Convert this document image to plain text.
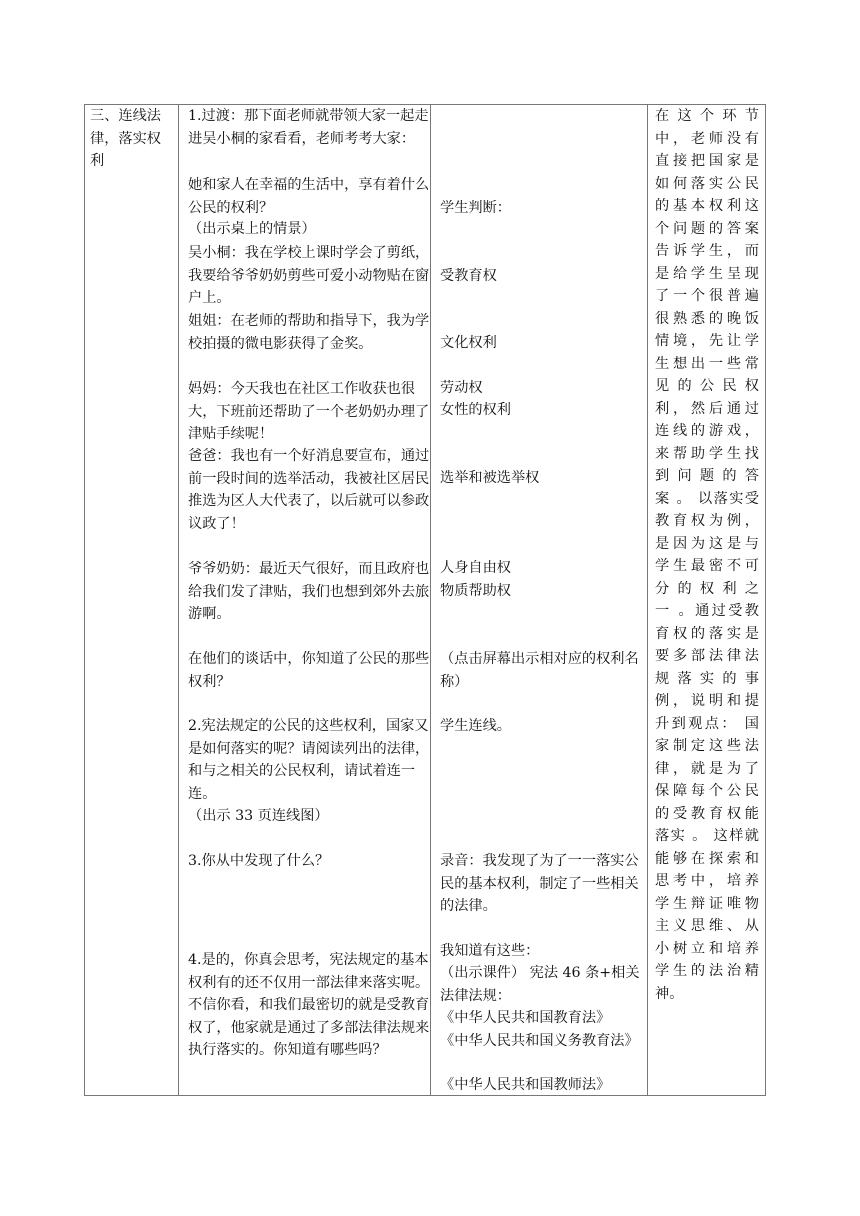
三、连线法律，落实权利
1.过渡：那下面老师就带领大家一起走进吴小桐的家看看，老师考考大家：
她和家人在幸福的生活中，享有着什么公民的权利？
（出示桌上的情景）
吴小桐：我在学校上课时学会了剪纸，我要给爷爷奶奶剪些可爱小动物贴在窗户上。
姐姐：在老师的帮助和指导下，我为学校拍摄的微电影获得了金奖。
妈妈：今天我也在社区工作收获也很大，下班前还帮助了一个老奶奶办理了津贴手续呢！
爸爸：我也有一个好消息要宣布，通过前一段时间的选举活动，我被社区居民推选为区人大代表了，以后就可以参政议政了！
爷爷奶奶：最近天气很好，而且政府也给我们发了津贴，我们也想到郊外去旅游啊。
在他们的谈话中，你知道了公民的那些权利？
2.宪法规定的公民的这些权利，国家又是如何落实的呢？请阅读列出的法律，和与之相关的公民权利，请试着连一连。
（出示 33 页连线图）
3.你从中发现了什么？
4.是的，你真会思考，宪法规定的基本权利有的还不仅用一部法律来落实呢。不信你看，和我们最密切的就是受教育权了，他家就是通过了多部法律法规来执行落实的。你知道有哪些吗？
学生判断：
受教育权
文化权利
劳动权
女性的权利
选举和被选举权
人身自由权
物质帮助权
（点击屏幕出示相对应的权利名称）
学生连线。
录音：我发现了为了一一落实公民的基本权利，制定了一些相关的法律。
我知道有这些：
（出示课件） 宪法 46 条+相关法律法规：
《中华人民共和国教育法》
《中华人民共和国义务教育法》
《中华人民共和国教师法》
在 这 个 环 节
中，老师没有
直接把国家是
如何落实公民
的基本权利这
个问题的答案
告诉学生，而
是给学生呈现
了一个很普遍
很熟悉的晚饭
情境，先让学
生想出一些常
见 的 公 民 权
利，然后通过
连线的游戏，
来帮助学生找
到 问 题 的 答
案 。 以落实受
教育权为例，
是因为这是与
学生最密不可
分 的 权 利 之
一 。通过受教
育权的落实是
要多部法律法
规 落 实 的 事
例，说明和提
升到观点： 国
家制定这些法
律，就是为了
保障每个公民
的受教育权能
落实 。 这样就
能够在探索和
思考中，培养
学生辩证唯物
主义思维、从
小树立和培养
学生的法治精
神。
